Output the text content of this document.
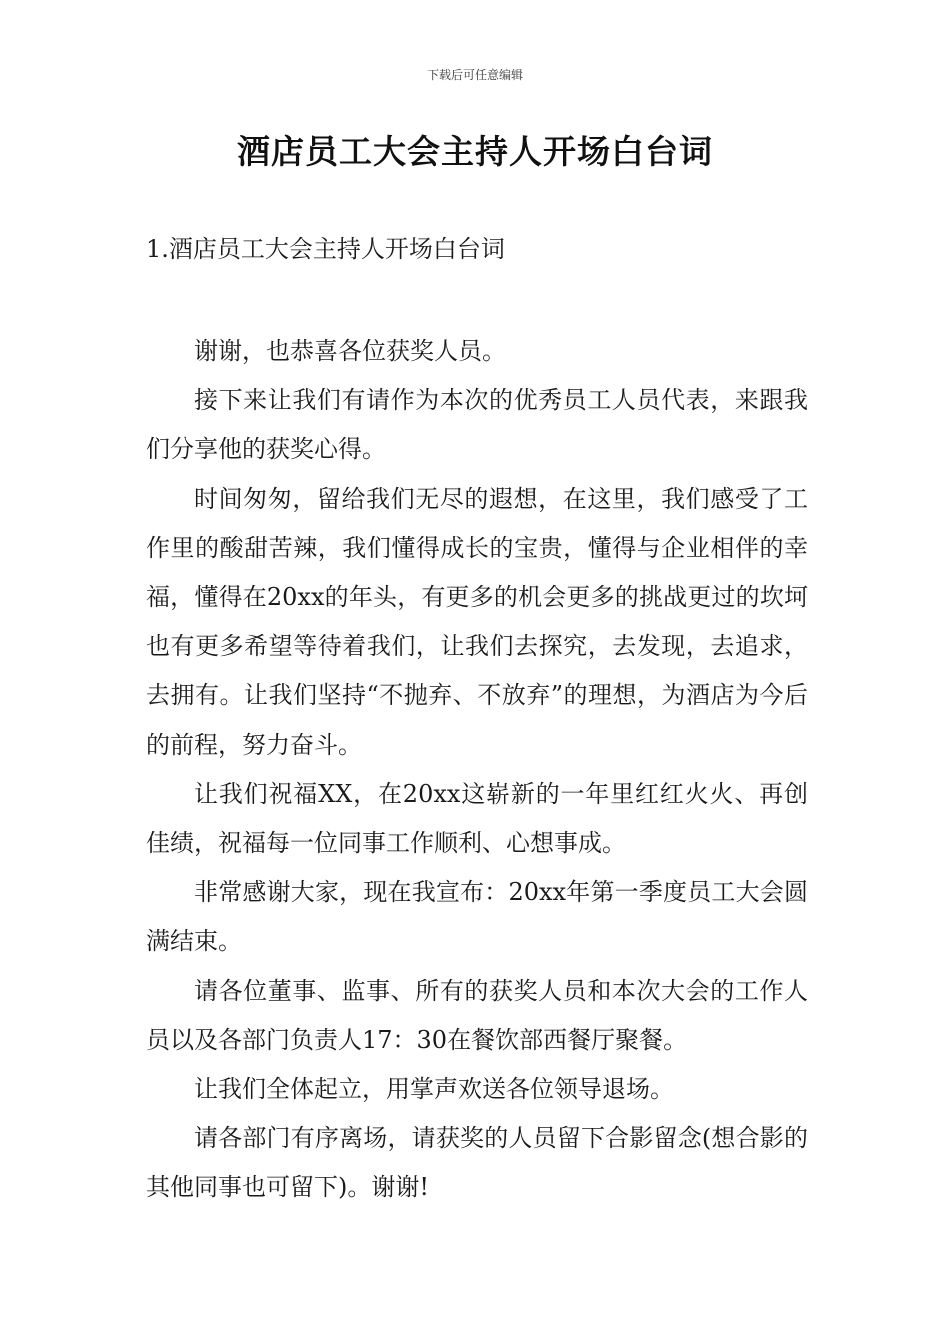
下载后可任意编辑
酒店员工大会主持人开场白台词
1.酒店员工大会主持人开场白台词

谢谢，也恭喜各位获奖人员。

接下来让我们有请作为本次的优秀员工人员代表，来跟我们分享他的获奖心得。

时间匆匆，留给我们无尽的遐想，在这里，我们感受了工作里的酸甜苦辣，我们懂得成长的宝贵，懂得与企业相伴的幸福，懂得在20xx的年头，有更多的机会更多的挑战更过的坎坷也有更多希望等待着我们，让我们去探究，去发现，去追求，去拥有。让我们坚持“不抛弃、不放弃”的理想，为酒店为今后的前程，努力奋斗。

让我们祝福XX，在20xx这崭新的一年里红红火火、再创佳绩，祝福每一位同事工作顺利、心想事成。

非常感谢大家，现在我宣布：20xx年第一季度员工大会圆满结束。

请各位董事、监事、所有的获奖人员和本次大会的工作人员以及各部门负责人17：30在餐饮部西餐厅聚餐。

让我们全体起立，用掌声欢送各位领导退场。

请各部门有序离场，请获奖的人员留下合影留念(想合影的其他同事也可留下)。谢谢!
